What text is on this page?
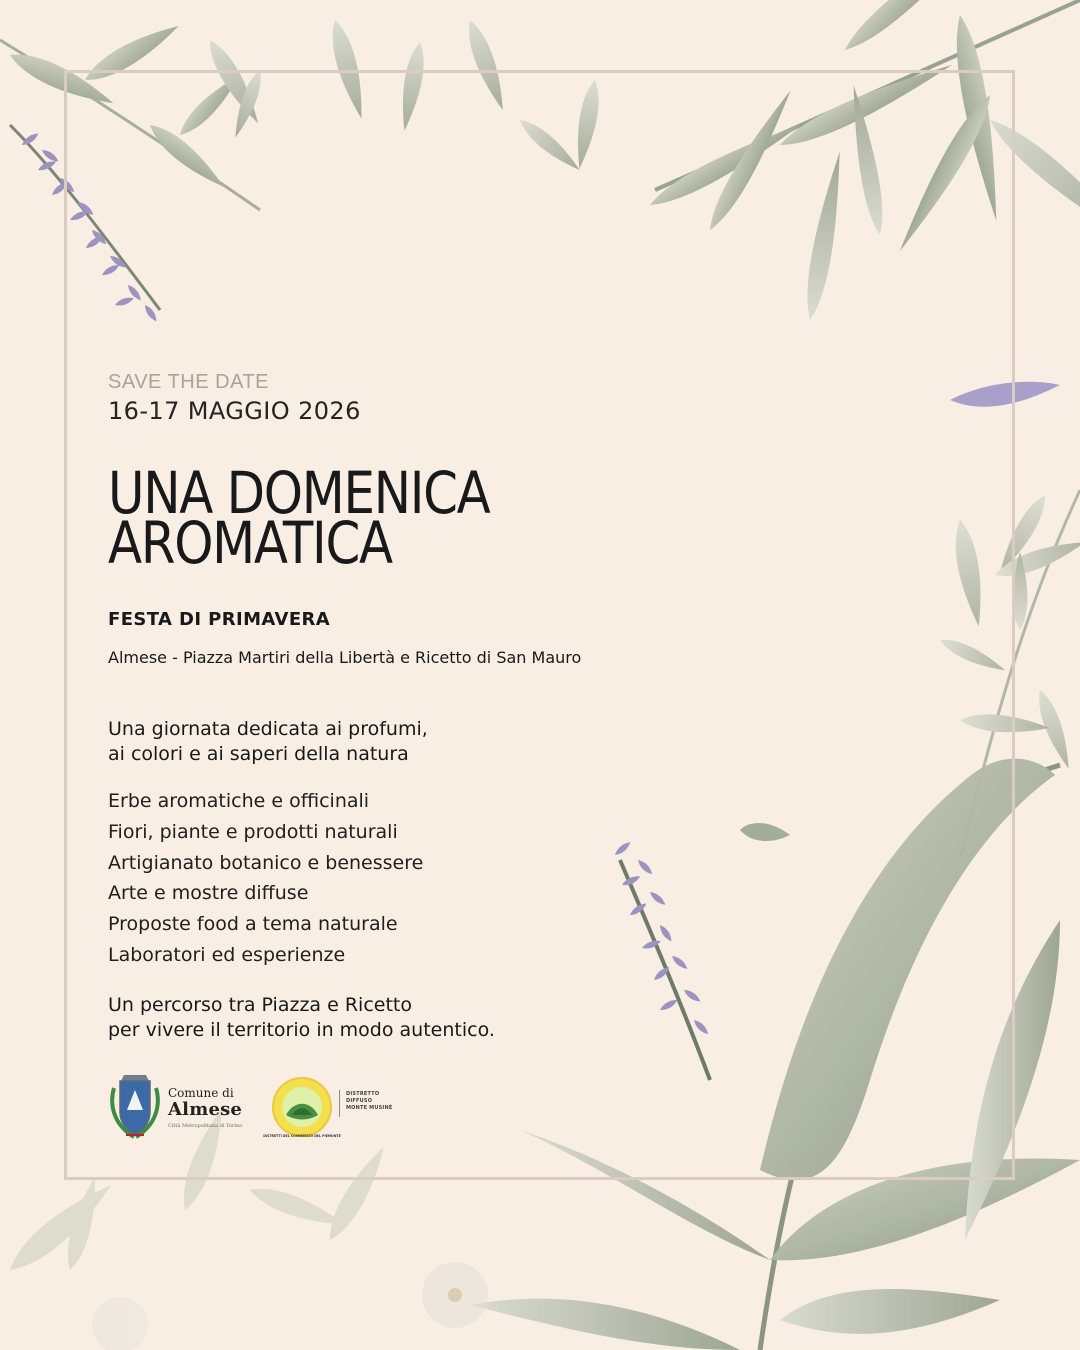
SAVE THE DATE
16-17 MAGGIO 2026
UNA DOMENICA
AROMATICA
FESTA DI PRIMAVERA
Almese - Piazza Martiri della Libertà e Ricetto di San Mauro
Una giornata dedicata ai profumi,
ai colori e ai saperi della natura
Erbe aromatiche e officinali
Fiori, piante e prodotti naturali
Artigianato botanico e benessere
Arte e mostre diffuse
Proposte food a tema naturale
Laboratori ed esperienze
Un percorso tra Piazza e Ricetto
per vivere il territorio in modo autentico.
Comune di
Almese
Città Metropolitana di Torino
DISTRETTI DEL COMMERCIO DEL PIEMONTE
DISTRETTO
DIFFUSO
MONTE MUSINÈ
